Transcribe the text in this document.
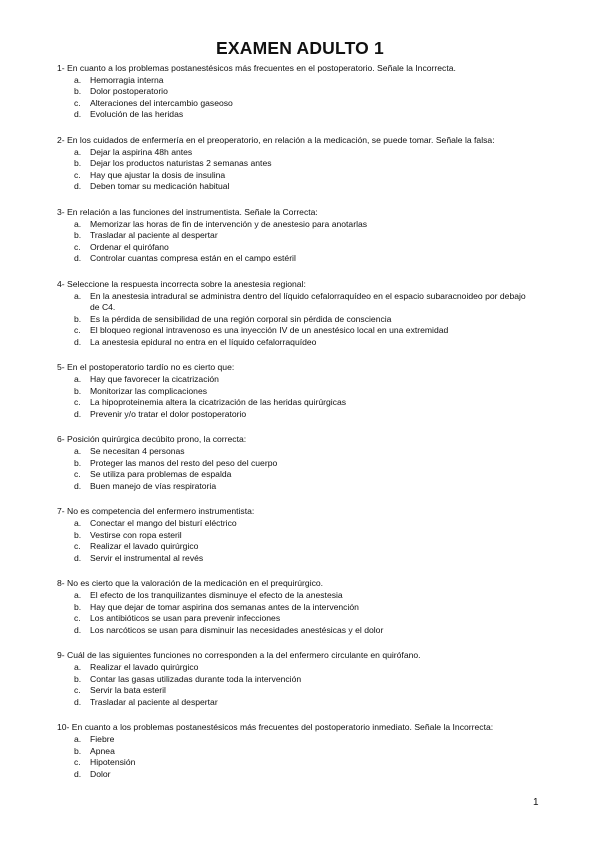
EXAMEN ADULTO 1
1- En cuanto a los problemas postanestésicos más frecuentes en el postoperatorio. Señale la Incorrecta.
a.	Hemorragia interna
b.	Dolor postoperatorio
c.	Alteraciones del intercambio gaseoso
d.	Evolución de las heridas
2- En los cuidados de enfermería en el preoperatorio, en relación a la medicación, se puede tomar. Señale la falsa:
a.	Dejar la aspirina 48h antes
b.	Dejar los productos naturistas 2 semanas antes
c.	Hay que ajustar la dosis de insulina
d.	Deben tomar su medicación habitual
3- En relación a las funciones del instrumentista. Señale la Correcta:
a.	Memorizar las horas de fin de intervención y de anestesio para anotarlas
b.	Trasladar al paciente al despertar
c.	Ordenar el quirófano
d.	Controlar cuantas compresa están en el campo estéril
4- Seleccione la respuesta incorrecta sobre la anestesia regional:
a.	En la anestesia intradural se administra dentro del líquido cefalorraquídeo en el espacio subaracnoideo por debajo de C4.
b.	Es la pérdida de sensibilidad de una región corporal sin pérdida de consciencia
c.	El bloqueo regional intravenoso es una inyección IV de un anestésico local en una extremidad
d.	La anestesia epidural no entra en el líquido cefalorraquídeo
5- En el postoperatorio tardío no es cierto que:
a.	Hay que favorecer la cicatrización
b.	Monitorizar las complicaciones
c.	La hipoproteinemia altera la cicatrización de las heridas quirúrgicas
d.	Prevenir y/o tratar el dolor postoperatorio
6- Posición quirúrgica decúbito prono, la correcta:
a.	Se necesitan 4 personas
b.	Proteger las manos del resto del peso del cuerpo
c.	Se utiliza para problemas de espalda
d.	Buen manejo de vías respiratoria
7- No es competencia del enfermero instrumentista:
a.	Conectar el mango del bisturí eléctrico
b.	Vestirse con ropa esteril
c.	Realizar el lavado quirúrgico
d.	Servir el instrumental al revés
8- No es cierto que la valoración de la medicación en el prequirúrgico.
a.	El efecto de los tranquilizantes disminuye el efecto de la anestesia
b.	Hay que dejar de tomar aspirina dos semanas antes de la intervención
c.	Los antibióticos se usan para prevenir infecciones
d.	Los narcóticos se usan para disminuir las necesidades anestésicas y el dolor
9- Cuál de las siguientes funciones no corresponden a la del enfermero circulante en quirófano.
a.	Realizar el lavado quirúrgico
b.	Contar las gasas utilizadas durante toda la intervención
c.	Servir la bata esteril
d.	Trasladar al paciente al despertar
10- En cuanto a los problemas postanestésicos más frecuentes del postoperatorio inmediato. Señale la Incorrecta:
a.	Fiebre
b.	Apnea
c.	Hipotensión
d.	Dolor
1
